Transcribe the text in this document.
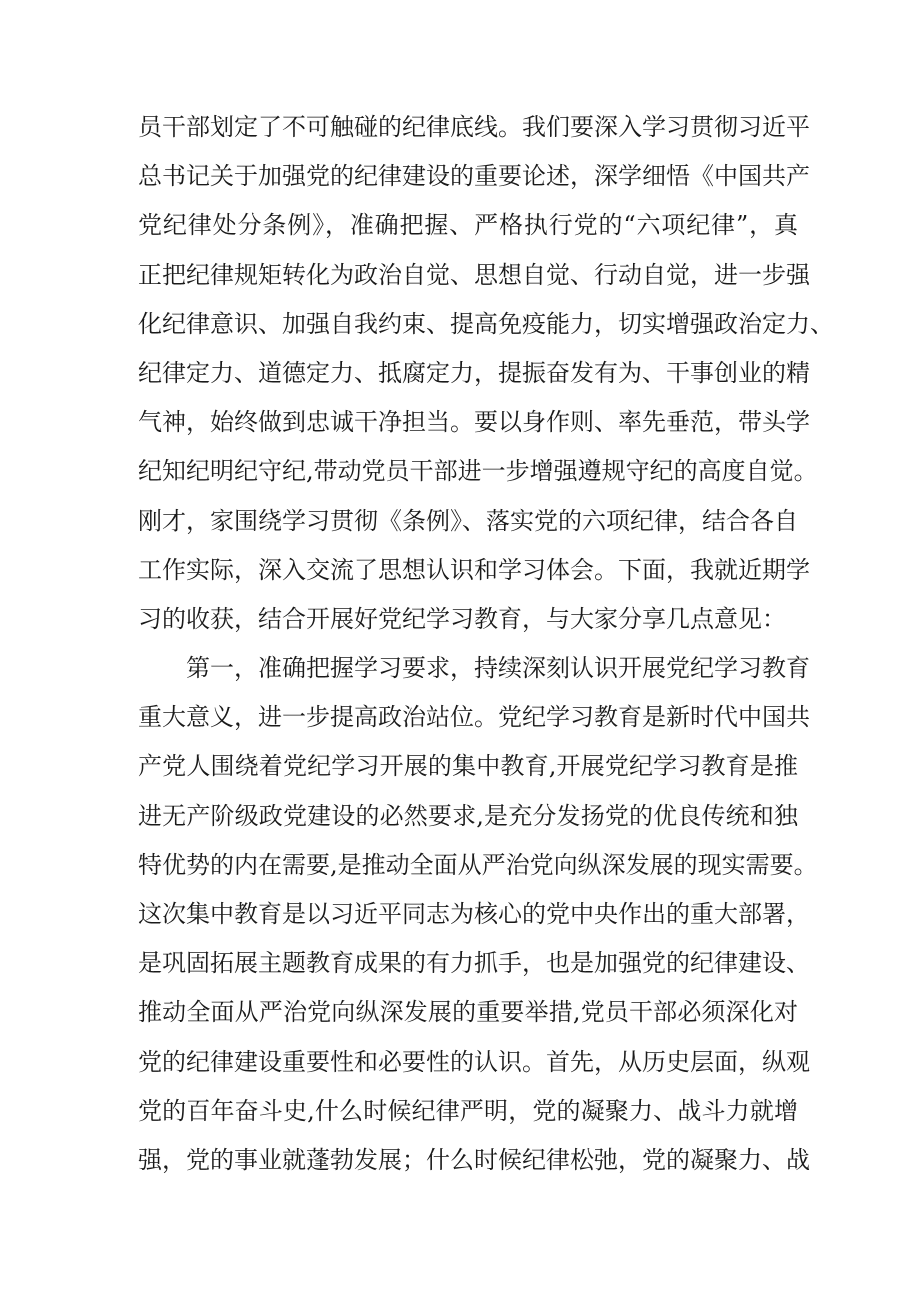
员干部划定了不可触碰的纪律底线。我们要深入学习贯彻习近平
总书记关于加强党的纪律建设的重要论述，深学细悟《中国共产
党纪律处分条例》，准确把握、严格执行党的“六项纪律”，真
正把纪律规矩转化为政治自觉、思想自觉、行动自觉，进一步强
化纪律意识、加强自我约束、提高免疫能力，切实增强政治定力、
纪律定力、道德定力、抵腐定力，提振奋发有为、干事创业的精
气神，始终做到忠诚干净担当。要以身作则、率先垂范，带头学
纪知纪明纪守纪,带动党员干部进一步增强遵规守纪的高度自觉。
刚才，家围绕学习贯彻《条例》、落实党的六项纪律，结合各自
工作实际，深入交流了思想认识和学习体会。下面，我就近期学
习的收获，结合开展好党纪学习教育，与大家分享几点意见：
第一，准确把握学习要求，持续深刻认识开展党纪学习教育
重大意义，进一步提高政治站位。党纪学习教育是新时代中国共
产党人围绕着党纪学习开展的集中教育,开展党纪学习教育是推
进无产阶级政党建设的必然要求,是充分发扬党的优良传统和独
特优势的内在需要,是推动全面从严治党向纵深发展的现实需要。
这次集中教育是以习近平同志为核心的党中央作出的重大部署，
是巩固拓展主题教育成果的有力抓手，也是加强党的纪律建设、
推动全面从严治党向纵深发展的重要举措,党员干部必须深化对
党的纪律建设重要性和必要性的认识。首先，从历史层面，纵观
党的百年奋斗史,什么时候纪律严明，党的凝聚力、战斗力就增
强，党的事业就蓬勃发展；什么时候纪律松弛，党的凝聚力、战
